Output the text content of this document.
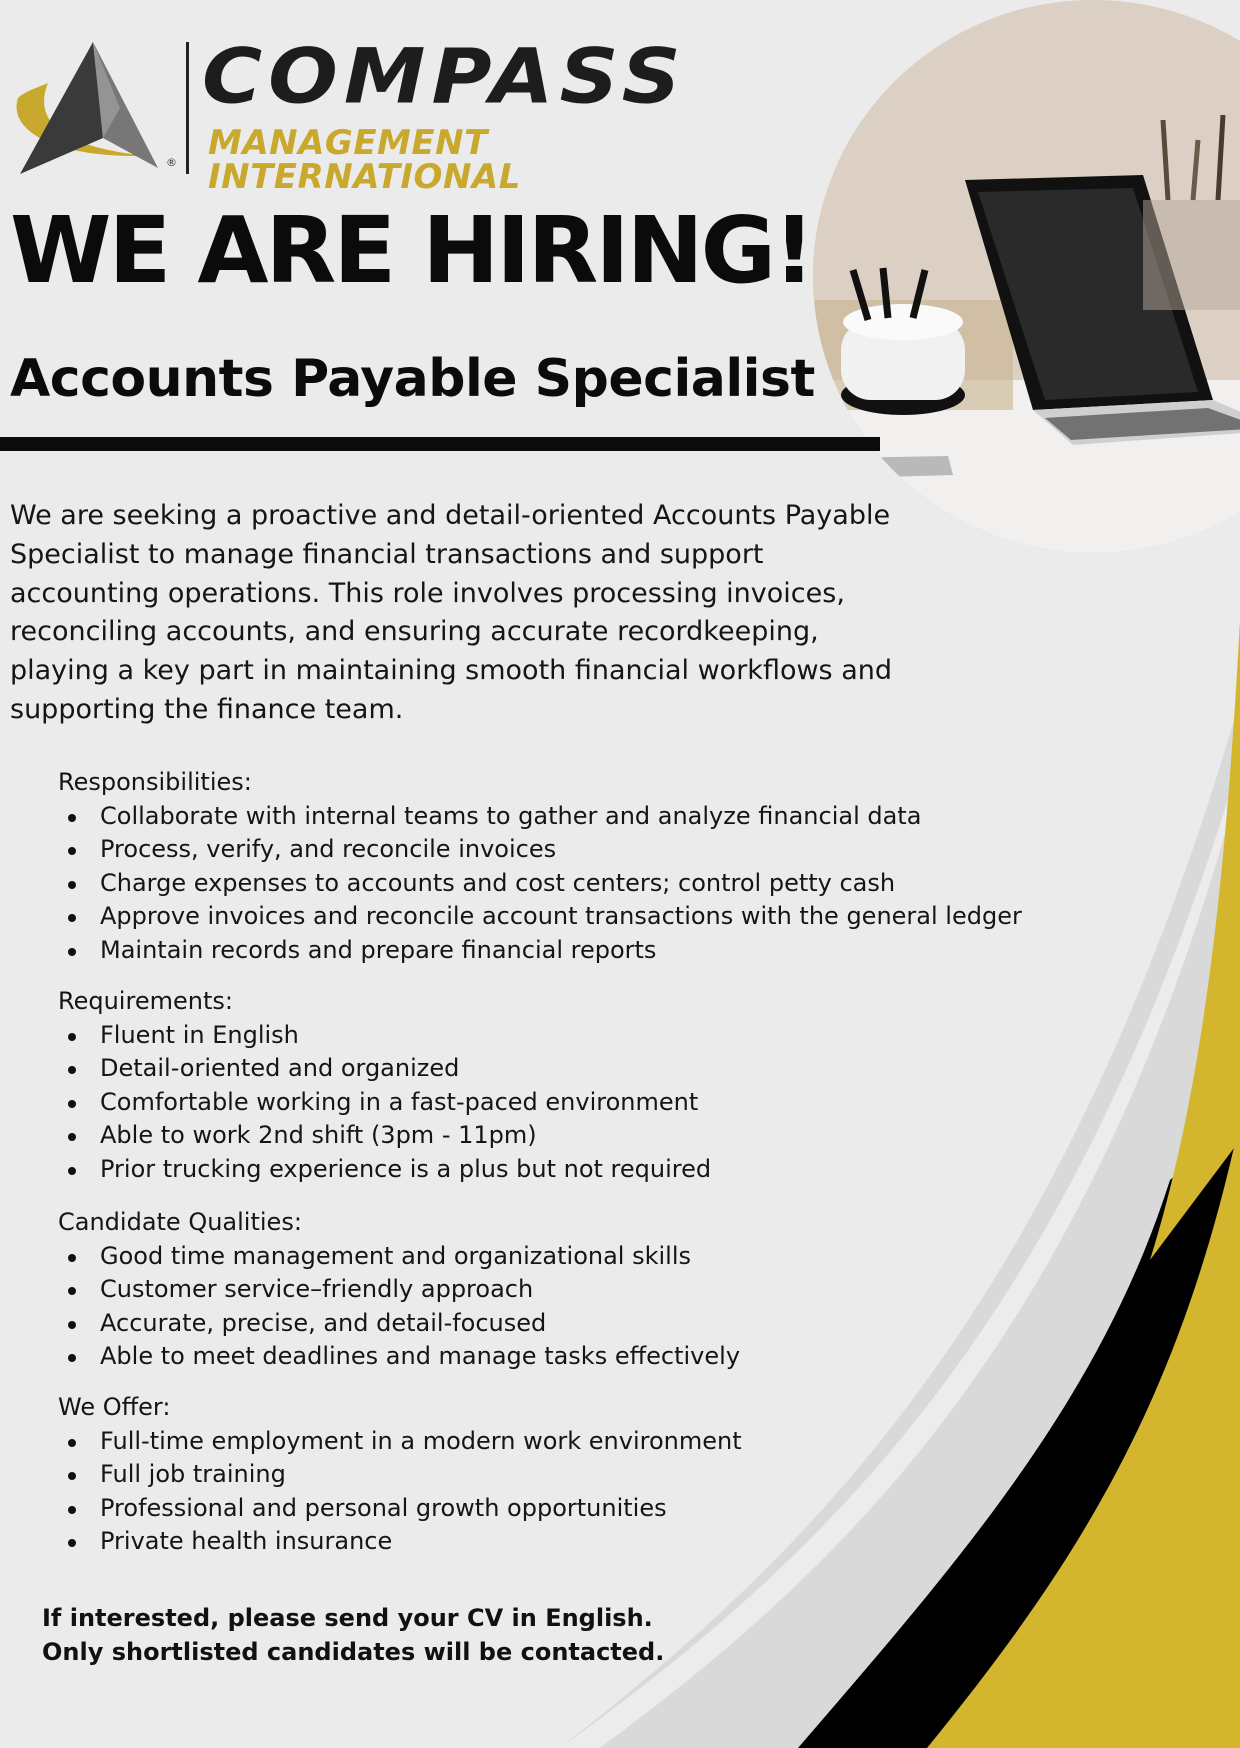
®
COMPASS
MANAGEMENT INTERNATIONAL
WE ARE HIRING!
Accounts Payable Specialist
We are seeking a proactive and detail-oriented Accounts Payable
Specialist to manage financial transactions and support
accounting operations. This role involves processing invoices,
reconciling accounts, and ensuring accurate recordkeeping,
playing a key part in maintaining smooth financial workflows and
supporting the finance team.
Responsibilities:
Collaborate with internal teams to gather and analyze financial data
Process, verify, and reconcile invoices
Charge expenses to accounts and cost centers; control petty cash
Approve invoices and reconcile account transactions with the general ledger
Maintain records and prepare financial reports
Requirements:
Fluent in English
Detail-oriented and organized
Comfortable working in a fast-paced environment
Able to work 2nd shift (3pm - 11pm)
Prior trucking experience is a plus but not required
Candidate Qualities:
Good time management and organizational skills
Customer service–friendly approach
Accurate, precise, and detail-focused
Able to meet deadlines and manage tasks effectively
We Offer:
Full-time employment in a modern work environment
Full job training
Professional and personal growth opportunities
Private health insurance
If interested, please send your CV in English.
Only shortlisted candidates will be contacted.
